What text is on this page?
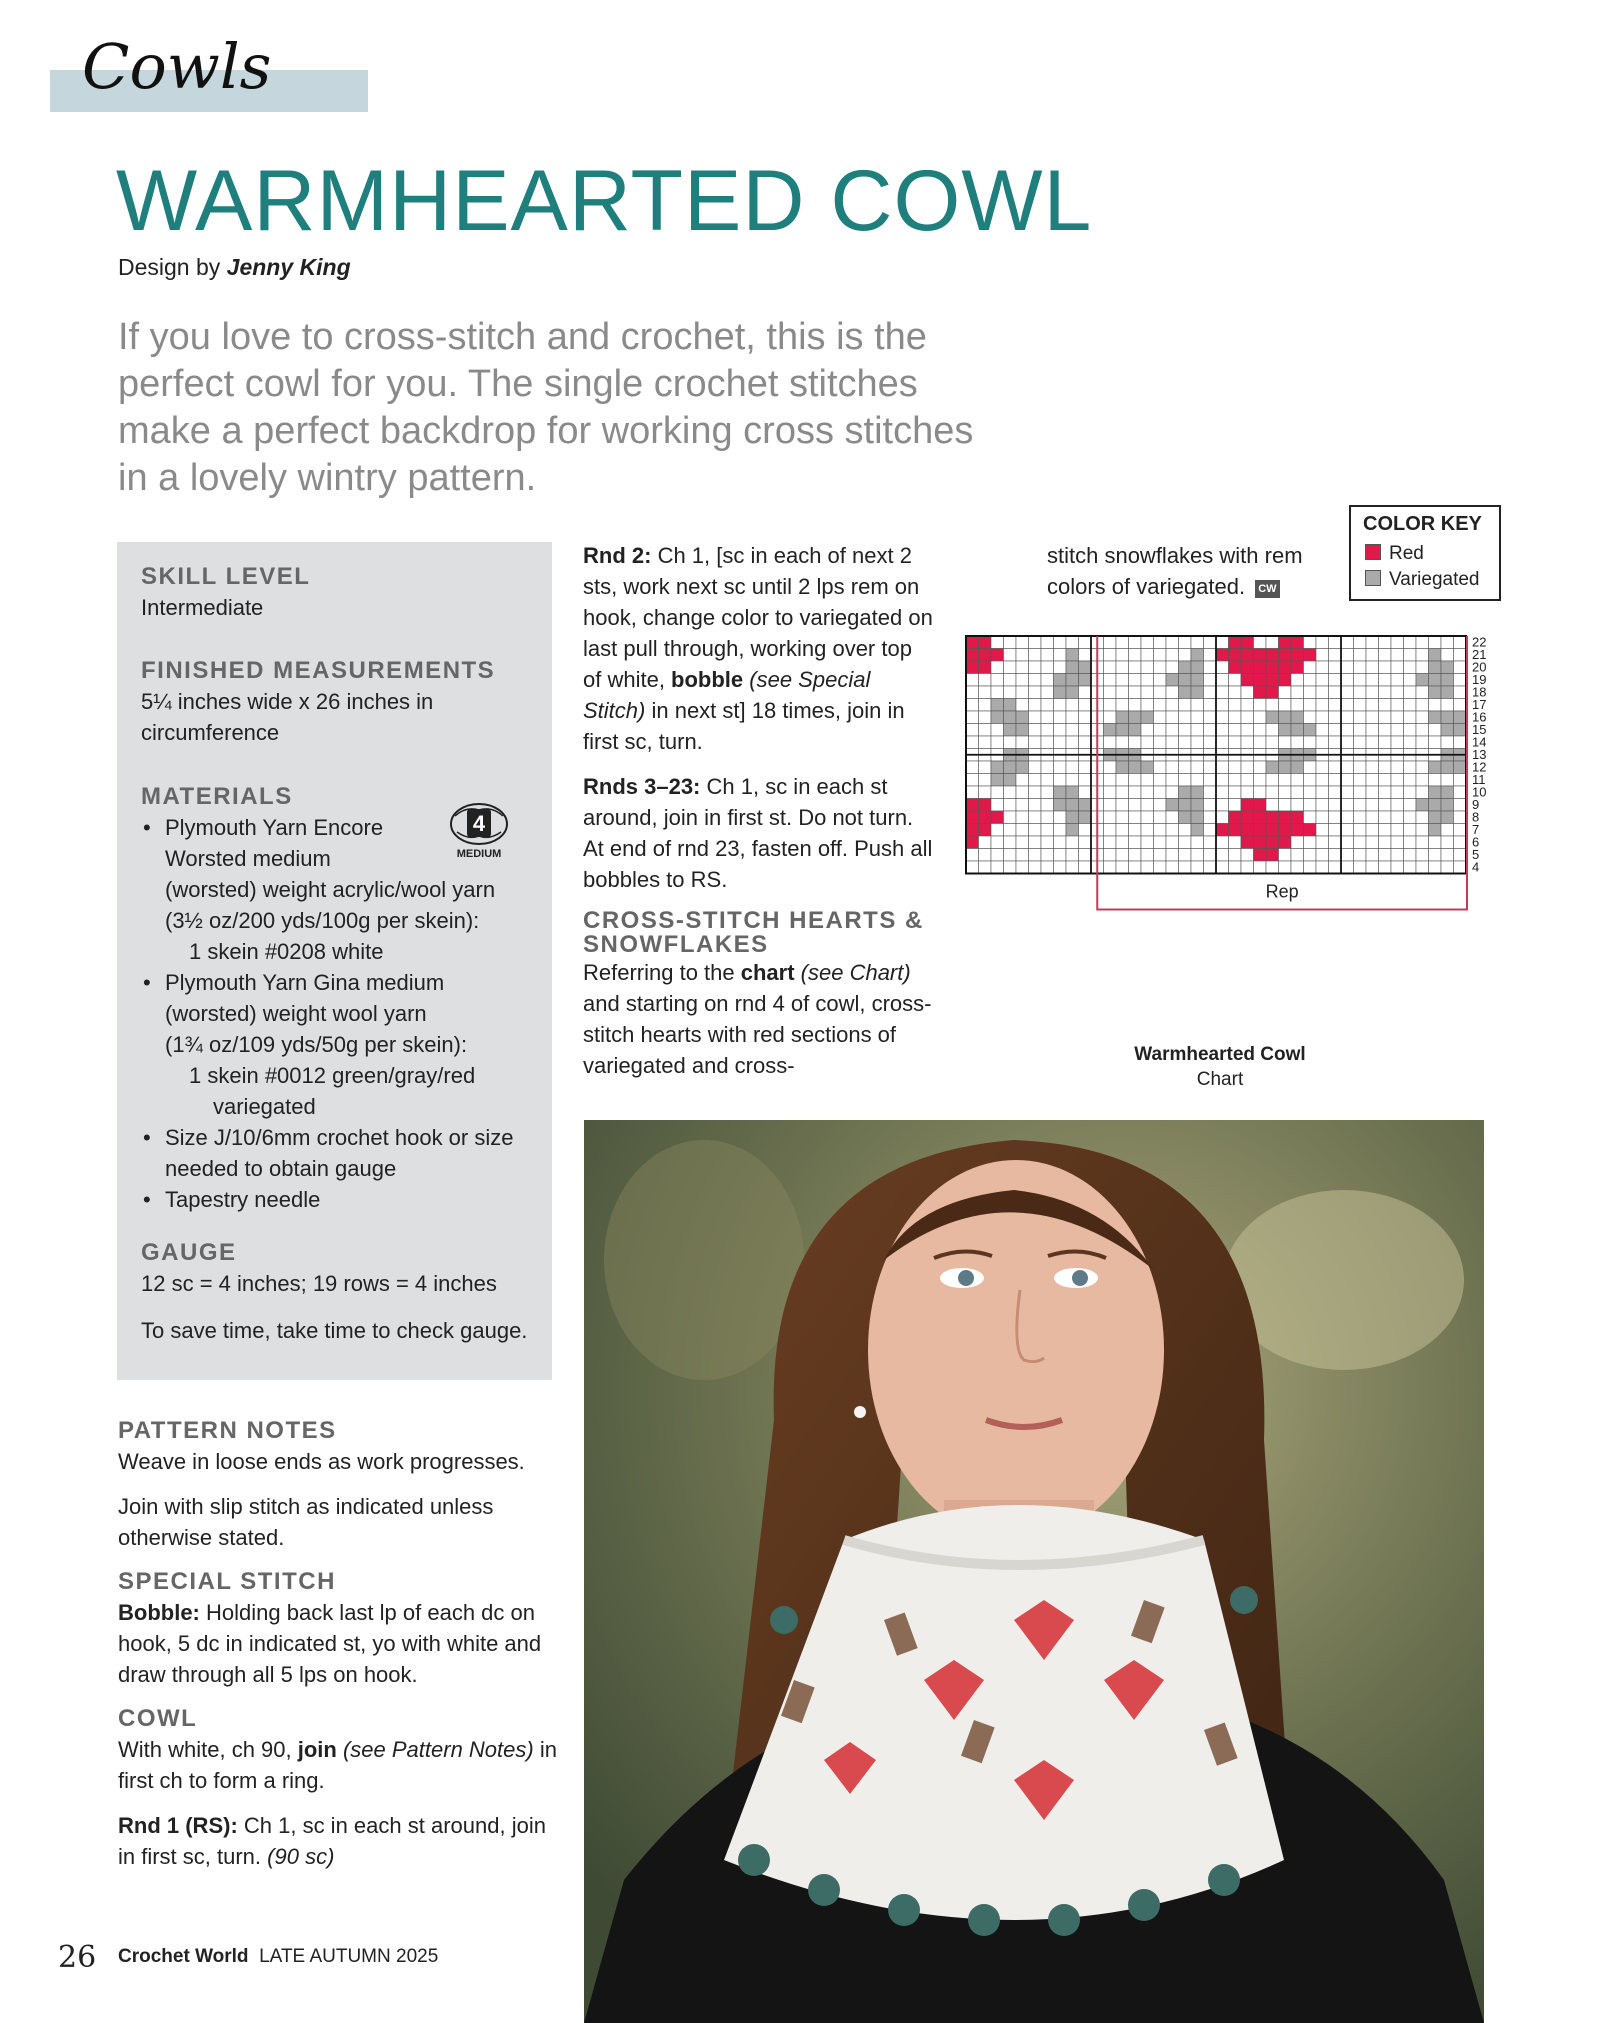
Cowls
WARMHEARTED COWL
Design by Jenny King
If you love to cross-stitch and crochet, this is the perfect cowl for you. The single crochet stitches make a perfect backdrop for working cross stitches in a lovely wintry pattern.
SKILL LEVEL
Intermediate
FINISHED MEASUREMENTS
5¼ inches wide x 26 inches in circumference
MATERIALS
• Plymouth Yarn Encore
Worsted medium
(worsted) weight acrylic/wool yarn
(3½ oz/200 yds/100g per skein):
1 skein #0208 white
• Plymouth Yarn Gina medium
(worsted) weight wool yarn
(1¾ oz/109 yds/50g per skein):
1 skein #0012 green/gray/red
variegated
• Size J/10/6mm crochet hook or size
needed to obtain gauge
• Tapestry needle
GAUGE
12 sc = 4 inches; 19 rows = 4 inches
To save time, take time to check gauge.
4
MEDIUM
PATTERN NOTES

Weave in loose ends as work progresses.

Join with slip stitch as indicated unless otherwise stated.

SPECIAL STITCH

Bobble: Holding back last lp of each dc on hook, 5 dc in indicated st, yo with white and draw through all 5 lps on hook.

COWL

With white, ch 90, join (see Pattern Notes) in first ch to form a ring.

Rnd 1 (RS): Ch 1, sc in each st around, join in first sc, turn. (90 sc)

Rnd 2: Ch 1, [sc in each of next 2 sts, work next sc until 2 lps rem on hook, change color to variegated on last pull through, working over top of white, bobble (see Special Stitch) in next st] 18 times, join in first sc, turn.

Rnds 3–23: Ch 1, sc in each st around, join in first st. Do not turn. At end of rnd 23, fasten off. Push all bobbles to RS.

CROSS-STITCH HEARTS & SNOWFLAKES

Referring to the chart (see Chart) and starting on rnd 4 of cowl, cross-stitch hearts with red sections of variegated and cross-

stitch snowflakes with rem colors of variegated. CW
COLOR KEY
Red
Variegated
22
21
20
19
18
17
16
15
14
13
12
11
10
9
8
7
6
5
4
Rep
Warmhearted Cowl
Chart
26 Crochet World LATE AUTUMN 2025
